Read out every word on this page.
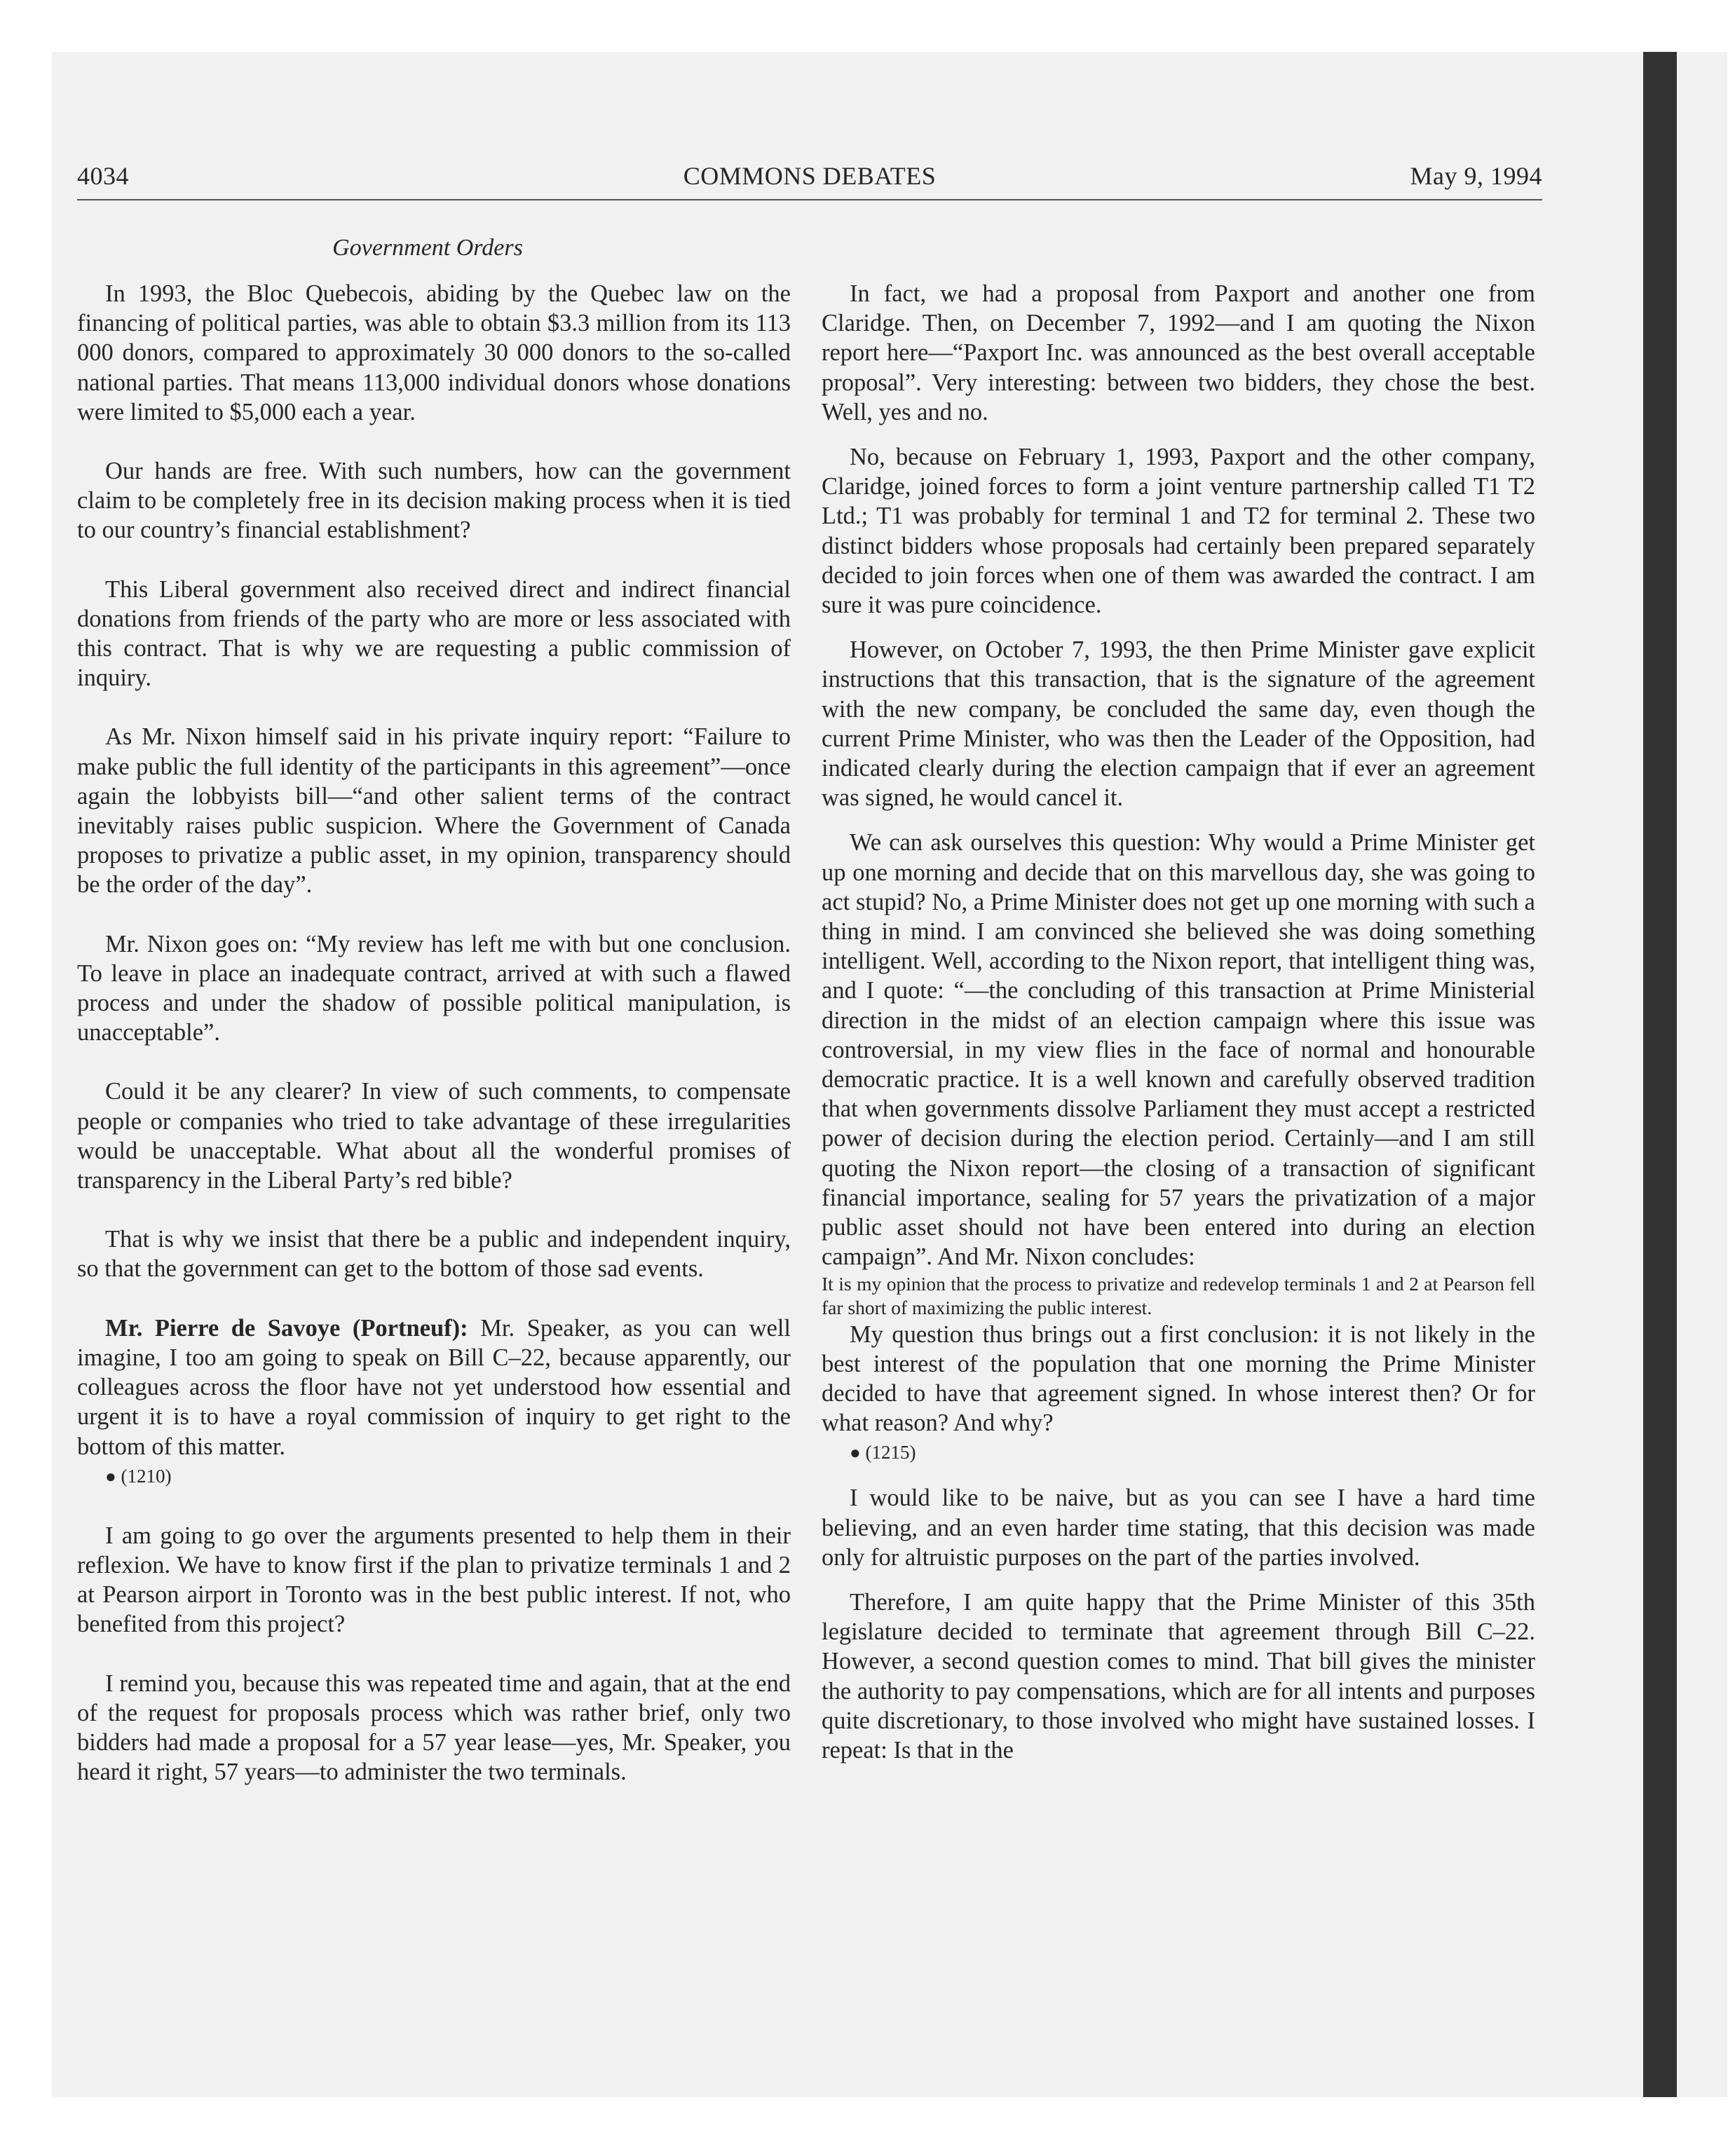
4034	COMMONS DEBATES	May 9, 1994
Government Orders

In 1993, the Bloc Quebecois, abiding by the Quebec law on the financing of political parties, was able to obtain $3.3 million from its 113 000 donors, compared to approximately 30 000 donors to the so-called national parties. That means 113,000 individual donors whose donations were limited to $5,000 each a year.

Our hands are free. With such numbers, how can the government claim to be completely free in its decision making process when it is tied to our country’s financial establishment?

This Liberal government also received direct and indirect financial donations from friends of the party who are more or less associated with this contract. That is why we are requesting a public commission of inquiry.

As Mr. Nixon himself said in his private inquiry report: “Failure to make public the full identity of the participants in this agreement”—once again the lobbyists bill—“and other salient terms of the contract inevitably raises public suspicion. Where the Government of Canada proposes to privatize a public asset, in my opinion, transparency should be the order of the day”.

Mr. Nixon goes on: “My review has left me with but one conclusion. To leave in place an inadequate contract, arrived at with such a flawed process and under the shadow of possible political manipulation, is unacceptable”.

Could it be any clearer? In view of such comments, to compensate people or companies who tried to take advantage of these irregularities would be unacceptable. What about all the wonderful promises of transparency in the Liberal Party’s red bible?

That is why we insist that there be a public and independent inquiry, so that the government can get to the bottom of those sad events.

Mr. Pierre de Savoye (Portneuf): Mr. Speaker, as you can well imagine, I too am going to speak on Bill C–22, because apparently, our colleagues across the floor have not yet understood how essential and urgent it is to have a royal commission of inquiry to get right to the bottom of this matter.

● (1210)

I am going to go over the arguments presented to help them in their reflexion. We have to know first if the plan to privatize terminals 1 and 2 at Pearson airport in Toronto was in the best public interest. If not, who benefited from this project?

I remind you, because this was repeated time and again, that at the end of the request for proposals process which was rather brief, only two bidders had made a proposal for a 57 year lease—yes, Mr. Speaker, you heard it right, 57 years—to administer the two terminals.

In fact, we had a proposal from Paxport and another one from Claridge. Then, on December 7, 1992—and I am quoting the Nixon report here—“Paxport Inc. was announced as the best overall acceptable proposal”. Very interesting: between two bidders, they chose the best. Well, yes and no.

No, because on February 1, 1993, Paxport and the other company, Claridge, joined forces to form a joint venture partnership called T1 T2 Ltd.; T1 was probably for terminal 1 and T2 for terminal 2. These two distinct bidders whose proposals had certainly been prepared separately decided to join forces when one of them was awarded the contract. I am sure it was pure coincidence.

However, on October 7, 1993, the then Prime Minister gave explicit instructions that this transaction, that is the signature of the agreement with the new company, be concluded the same day, even though the current Prime Minister, who was then the Leader of the Opposition, had indicated clearly during the election campaign that if ever an agreement was signed, he would cancel it.

We can ask ourselves this question: Why would a Prime Minister get up one morning and decide that on this marvellous day, she was going to act stupid? No, a Prime Minister does not get up one morning with such a thing in mind. I am convinced she believed she was doing something intelligent. Well, according to the Nixon report, that intelligent thing was, and I quote: “—the concluding of this transaction at Prime Ministerial direction in the midst of an election campaign where this issue was controversial, in my view flies in the face of normal and honourable democratic practice. It is a well known and carefully observed tradition that when governments dissolve Parliament they must accept a restricted power of decision during the election period. Certainly—and I am still quoting the Nixon report—the closing of a transaction of significant financial importance, sealing for 57 years the privatization of a major public asset should not have been entered into during an election campaign”. And Mr. Nixon concludes:

It is my opinion that the process to privatize and redevelop terminals 1 and 2 at Pearson fell far short of maximizing the public interest.

My question thus brings out a first conclusion: it is not likely in the best interest of the population that one morning the Prime Minister decided to have that agreement signed. In whose interest then? Or for what reason? And why?

● (1215)

I would like to be naive, but as you can see I have a hard time believing, and an even harder time stating, that this decision was made only for altruistic purposes on the part of the parties involved.

Therefore, I am quite happy that the Prime Minister of this 35th legislature decided to terminate that agreement through Bill C–22. However, a second question comes to mind. That bill gives the minister the authority to pay compensations, which are for all intents and purposes quite discretionary, to those involved who might have sustained losses. I repeat: Is that in the
